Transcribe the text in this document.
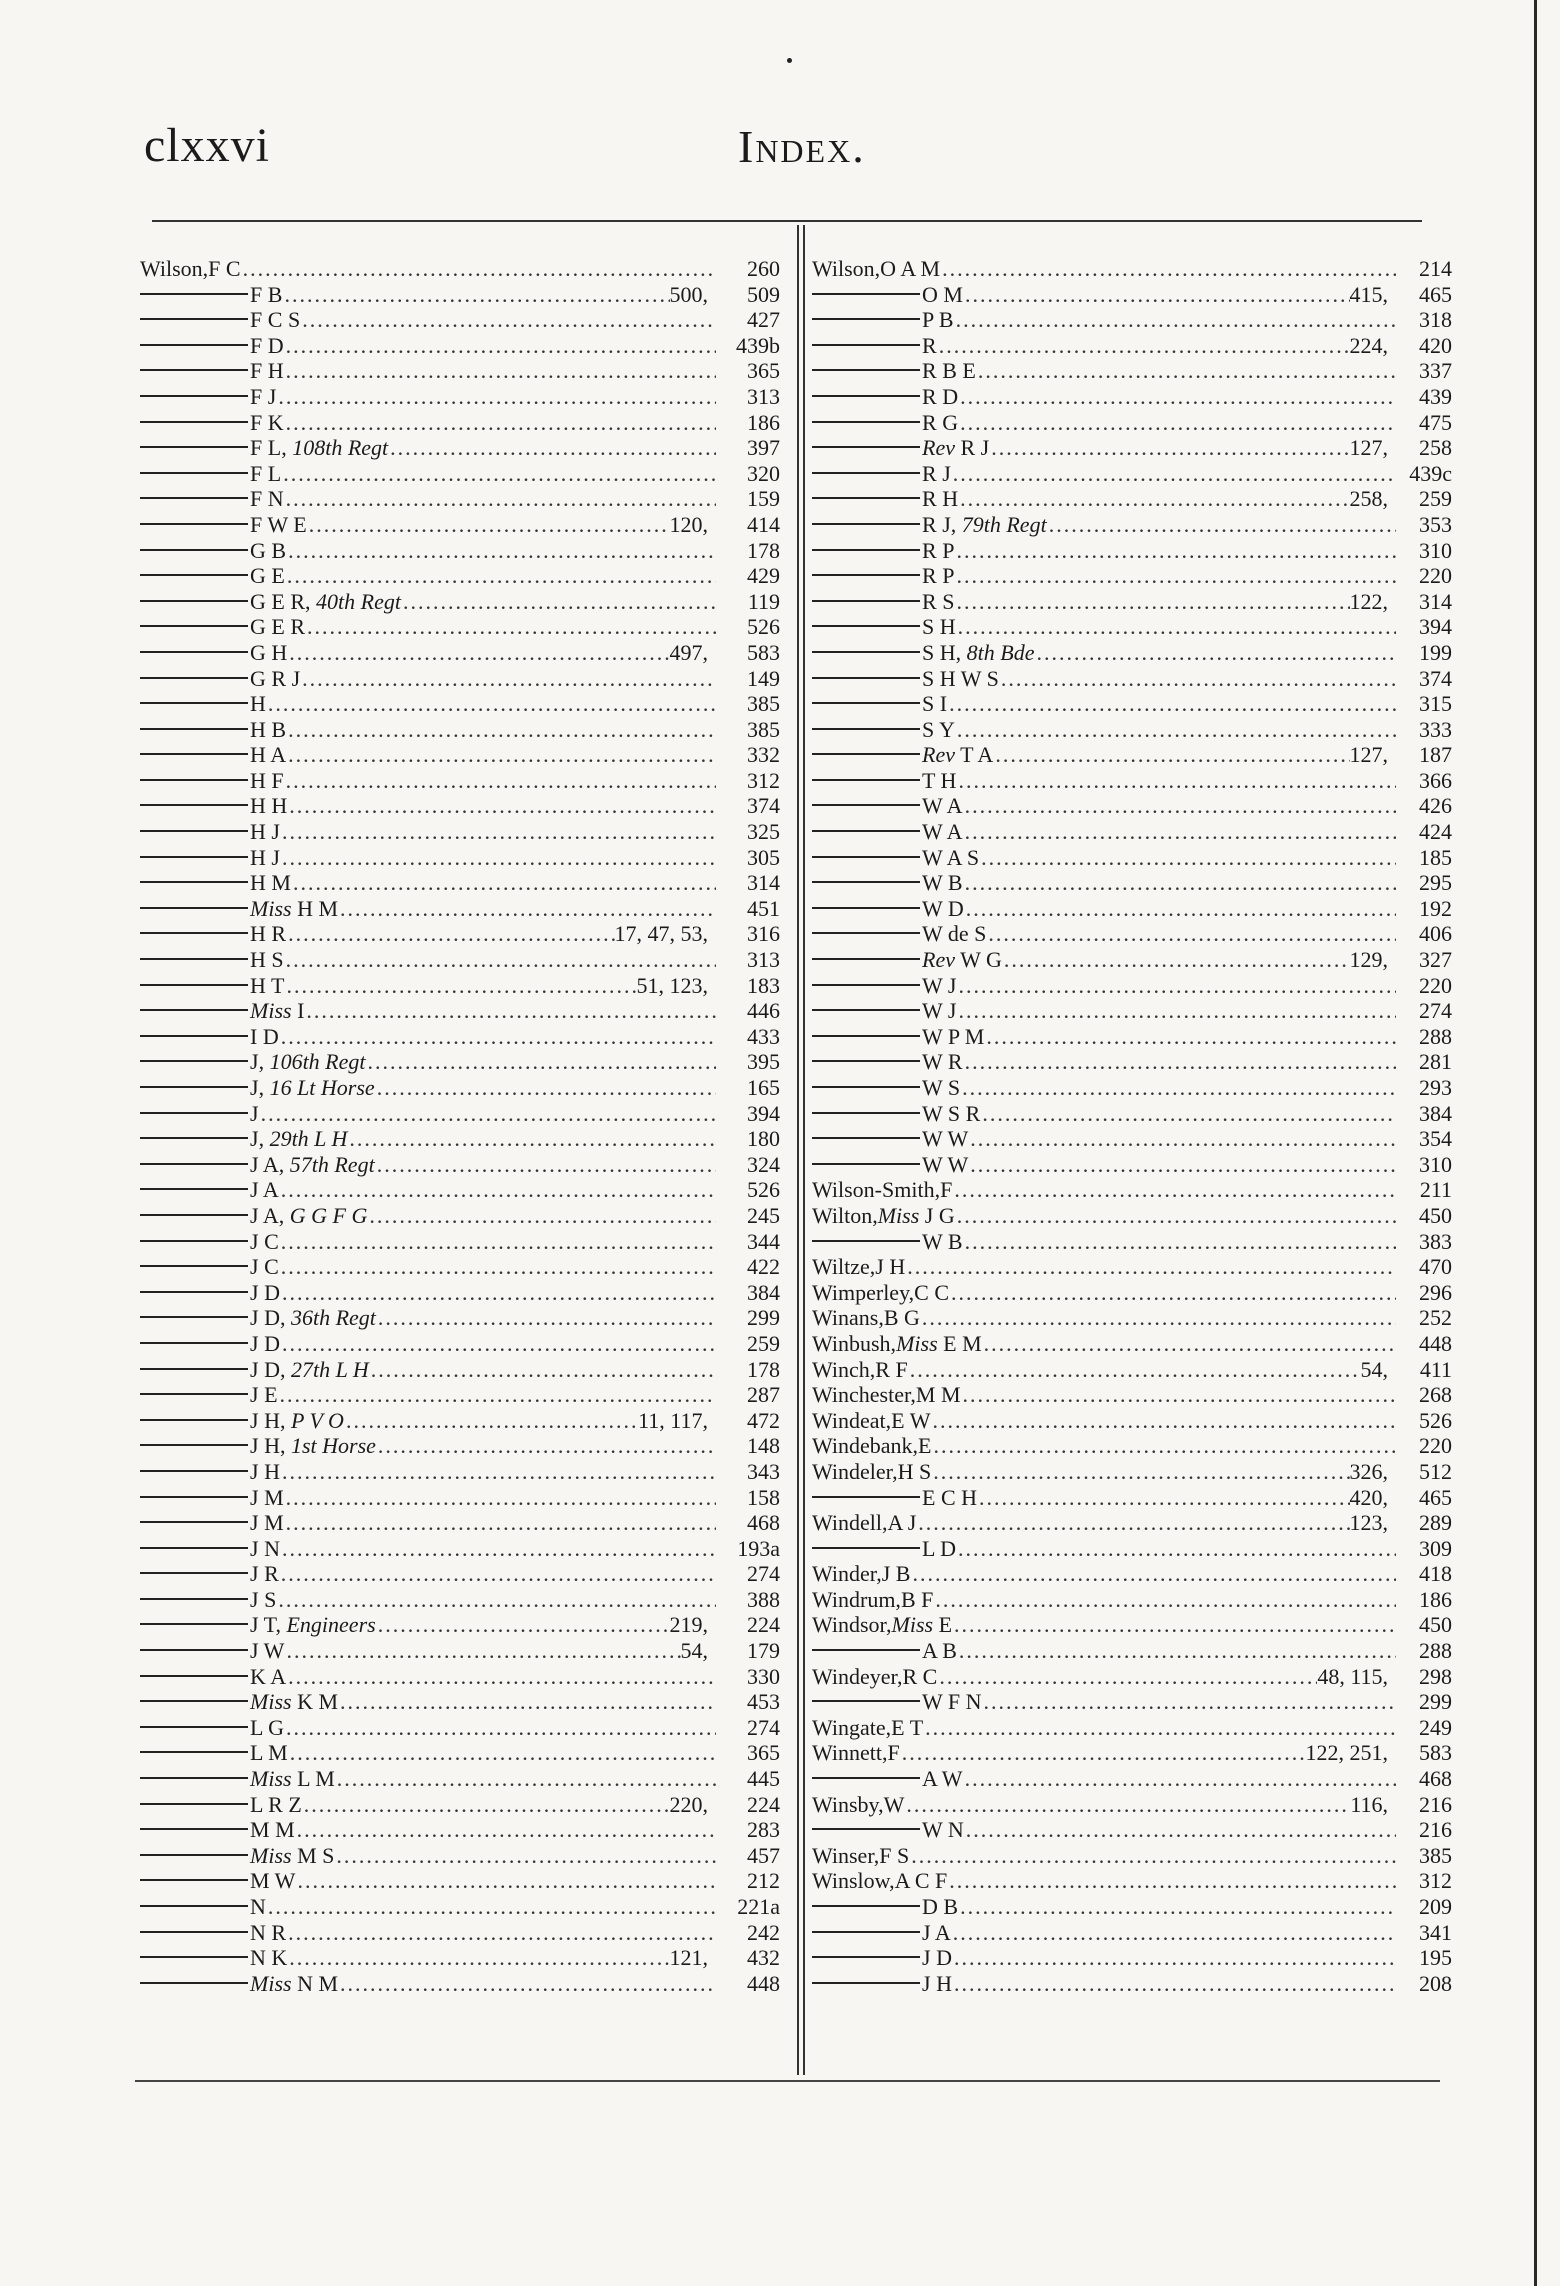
clxxvi	Index.
Wilson, F C .....	260
F B .....	500,	509
F C S .....	427
F D .....	439b
F H .....	365
F J .....	313
F K .....	186
F L, 108th Regt .....	397
F L .....	320
F N .....	159
F W E .....	120,	414
G B .....	178
G E .....	429
G E R, 40th Regt .....	119
G E R .....	526
G H .....	497,	583
G R J .....	149
H .....	385
H B .....	385
H A .....	332
H F .....	312
H H .....	374
H J .....	325
H J .....	305
H M .....	314
Miss H M .....	451
H R .....	17, 47, 53,	316
H S .....	313
H T .....	51, 123,	183
Miss I .....	446
I D .....	433
J, 106th Regt .....	395
J, 16 Lt Horse .....	165
J .....	394
J, 29th L H .....	180
J A, 57th Regt .....	324
J A .....	526
J A, G G F G .....	245
J C .....	344
J C .....	422
J D .....	384
J D, 36th Regt .....	299
J D .....	259
J D, 27th L H .....	178
J E .....	287
J H, P V O .....	11, 117,	472
J H, 1st Horse .....	148
J H .....	343
J M .....	158
J M .....	468
J N .....	193a
J R .....	274
J S .....	388
J T, Engineers .....	219,	224
J W .....	54,	179
K A .....	330
Miss K M .....	453
L G .....	274
L M .....	365
Miss L M .....	445
L R Z .....	220,	224
M M .....	283
Miss M S .....	457
M W .....	212
N .....	221a
N R .....	242
N K .....	121,	432
Miss N M .....	448
Wilson, O A M .....	214
O M .....	415,	465
P B .....	318
R .....	224,	420
R B E .....	337
R D .....	439
R G .....	475
Rev R J .....	127,	258
R J .....	439c
R H .....	258,	259
R J, 79th Regt .....	353
R P .....	310
R P .....	220
R S .....	122,	314
S H .....	394
S H, 8th Bde .....	199
S H W S .....	374
S I .....	315
S Y .....	333
Rev T A .....	127,	187
T H .....	366
W A .....	426
W A .....	424
W A S .....	185
W B .....	295
W D .....	192
W de S .....	406
Rev W G .....	129,	327
W J .....	220
W J .....	274
W P M .....	288
W R .....	281
W S .....	293
W S R .....	384
W W .....	354
W W .....	310
Wilson-Smith, F .....	211
Wilton, Miss J G .....	450
W B .....	383
Wiltze, J H .....	470
Wimperley, C C .....	296
Winans, B G .....	252
Winbush, Miss E M .....	448
Winch, R F .....	54,	411
Winchester, M M .....	268
Windeat, E W .....	526
Windebank, E .....	220
Windeler, H S .....	326,	512
E C H .....	420,	465
Windell, A J .....	123,	289
L D .....	309
Winder, J B .....	418
Windrum, B F .....	186
Windsor, Miss E .....	450
A B .....	288
Windeyer, R C .....	48, 115,	298
W F N .....	299
Wingate, E T .....	249
Winnett, F .....	122, 251,	583
A W .....	468
Winsby, W .....	116,	216
W N .....	216
Winser, F S .....	385
Winslow, A C F .....	312
D B .....	209
J A .....	341
J D .....	195
J H .....	208
